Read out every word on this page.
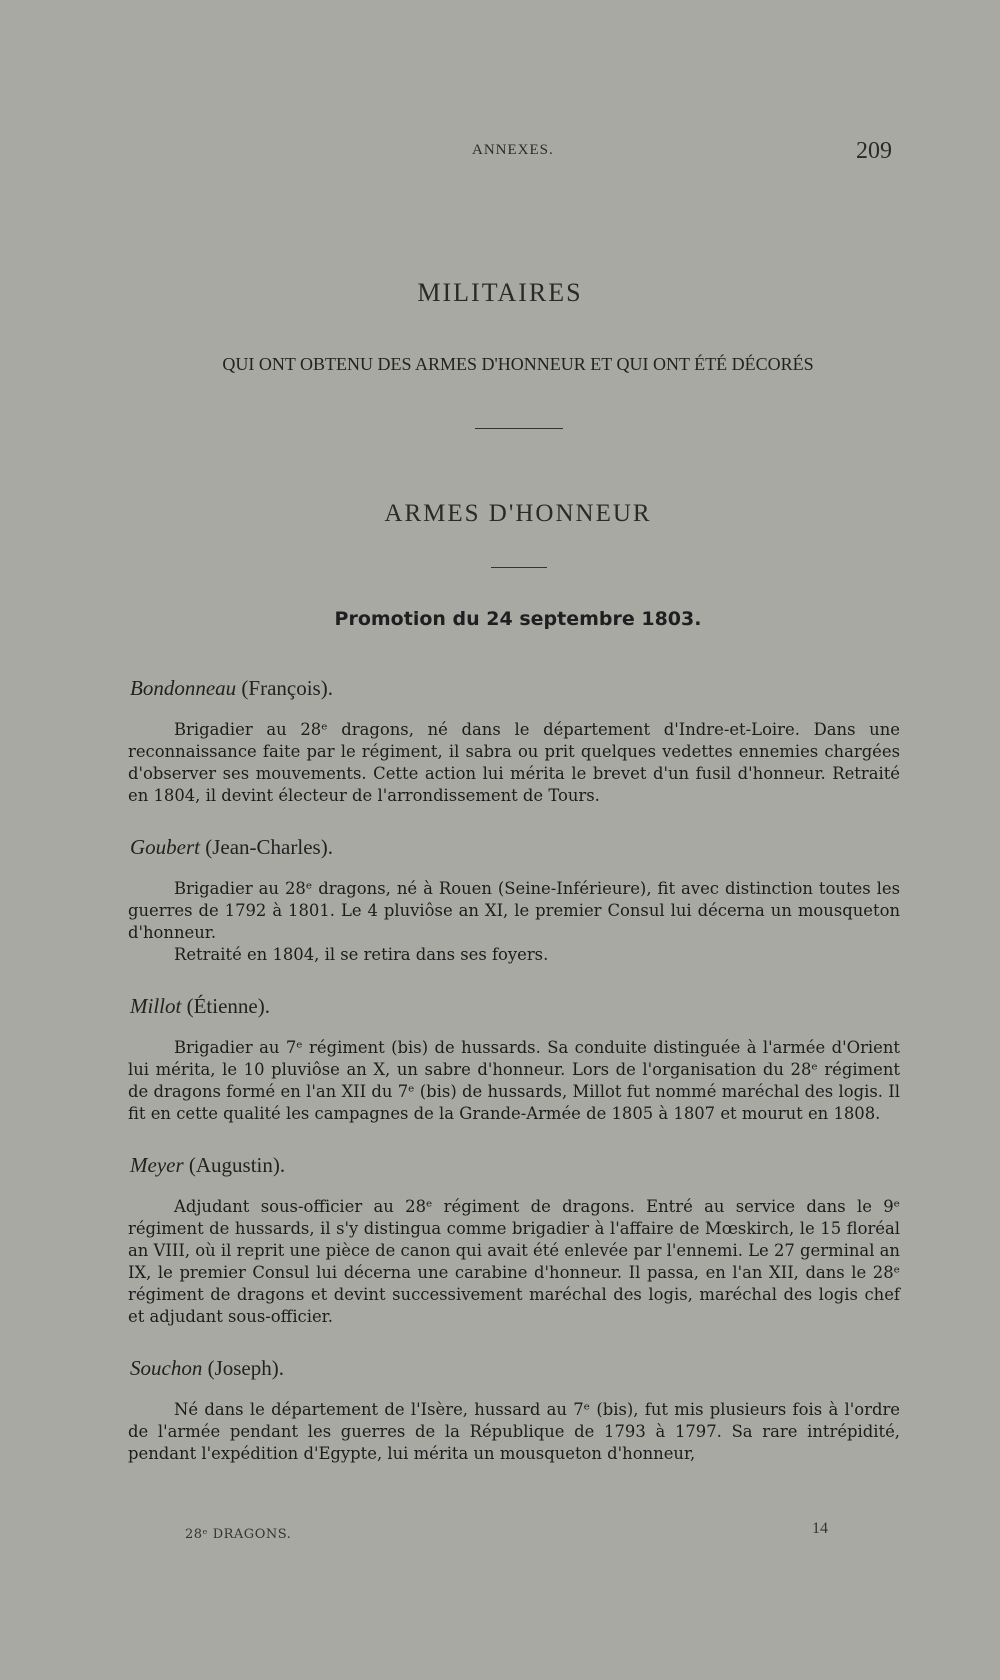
ANNEXES.	209
MILITAIRES
QUI ONT OBTENU DES ARMES D'HONNEUR ET QUI ONT ÉTÉ DÉCORÉS
ARMES D'HONNEUR
Promotion du 24 septembre 1803.
Bondonneau (François).

Brigadier au 28ᵉ dragons, né dans le département d'Indre-et-Loire. Dans une reconnaissance faite par le régiment, il sabra ou prit quelques vedettes ennemies chargées d'observer ses mouvements. Cette action lui mérita le brevet d'un fusil d'honneur. Retraité en 1804, il devint électeur de l'arrondissement de Tours.

Goubert (Jean-Charles).

Brigadier au 28ᵉ dragons, né à Rouen (Seine-Inférieure), fit avec distinction toutes les guerres de 1792 à 1801. Le 4 pluviôse an XI, le premier Consul lui décerna un mousqueton d'honneur.

Retraité en 1804, il se retira dans ses foyers.

Millot (Étienne).

Brigadier au 7ᵉ régiment (bis) de hussards. Sa conduite distinguée à l'armée d'Orient lui mérita, le 10 pluviôse an X, un sabre d'honneur. Lors de l'organisation du 28ᵉ régiment de dragons formé en l'an XII du 7ᵉ (bis) de hussards, Millot fut nommé maréchal des logis. Il fit en cette qualité les campagnes de la Grande-Armée de 1805 à 1807 et mourut en 1808.

Meyer (Augustin).

Adjudant sous-officier au 28ᵉ régiment de dragons. Entré au service dans le 9ᵉ régiment de hussards, il s'y distingua comme brigadier à l'affaire de Mœskirch, le 15 floréal an VIII, où il reprit une pièce de canon qui avait été enlevée par l'ennemi. Le 27 germinal an IX, le premier Consul lui décerna une carabine d'honneur. Il passa, en l'an XII, dans le 28ᵉ régiment de dragons et devint successivement maréchal des logis, maréchal des logis chef et adjudant sous-officier.

Souchon (Joseph).

Né dans le département de l'Isère, hussard au 7ᵉ (bis), fut mis plusieurs fois à l'ordre de l'armée pendant les guerres de la République de 1793 à 1797. Sa rare intrépidité, pendant l'expédition d'Egypte, lui mérita un mousqueton d'honneur,

28ᵉ DRAGONS.	14
